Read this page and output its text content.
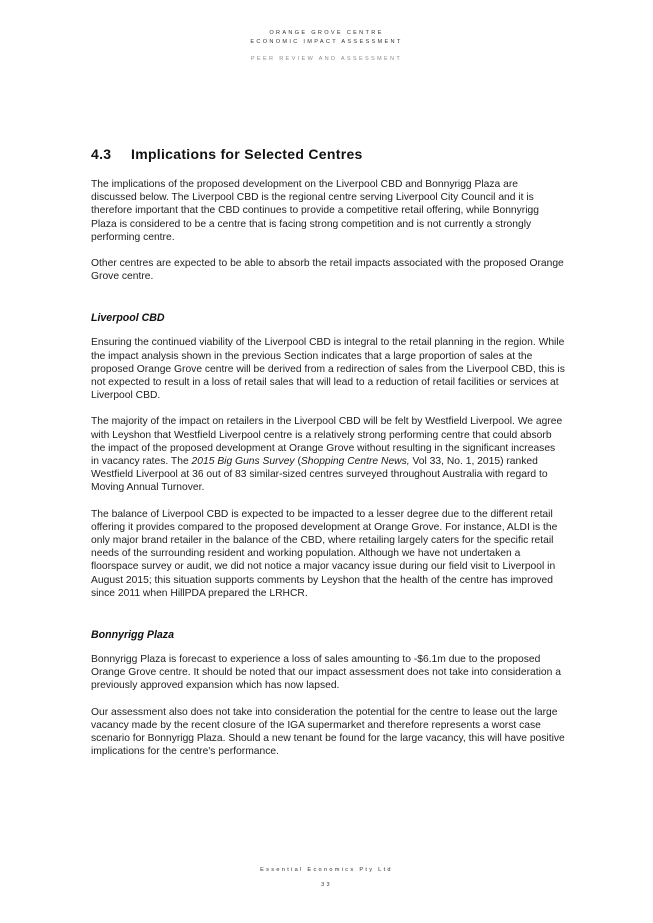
ORANGE GROVE CENTRE
ECONOMIC IMPACT ASSESSMENT
PEER REVIEW AND ASSESSMENT
4.3 Implications for Selected Centres

The implications of the proposed development on the Liverpool CBD and Bonnyrigg Plaza are discussed below. The Liverpool CBD is the regional centre serving Liverpool City Council and it is therefore important that the CBD continues to provide a competitive retail offering, while Bonnyrigg Plaza is considered to be a centre that is facing strong competition and is not currently a strongly performing centre.

Other centres are expected to be able to absorb the retail impacts associated with the proposed Orange Grove centre.

Liverpool CBD

Ensuring the continued viability of the Liverpool CBD is integral to the retail planning in the region. While the impact analysis shown in the previous Section indicates that a large proportion of sales at the proposed Orange Grove centre will be derived from a redirection of sales from the Liverpool CBD, this is not expected to result in a loss of retail sales that will lead to a reduction of retail facilities or services at Liverpool CBD.

The majority of the impact on retailers in the Liverpool CBD will be felt by Westfield Liverpool. We agree with Leyshon that Westfield Liverpool centre is a relatively strong performing centre that could absorb the impact of the proposed development at Orange Grove without resulting in the significant increases in vacancy rates. The 2015 Big Guns Survey (Shopping Centre News, Vol 33, No. 1, 2015) ranked Westfield Liverpool at 36 out of 83 similar-sized centres surveyed throughout Australia with regard to Moving Annual Turnover.

The balance of Liverpool CBD is expected to be impacted to a lesser degree due to the different retail offering it provides compared to the proposed development at Orange Grove. For instance, ALDI is the only major brand retailer in the balance of the CBD, where retailing largely caters for the specific retail needs of the surrounding resident and working population. Although we have not undertaken a floorspace survey or audit, we did not notice a major vacancy issue during our field visit to Liverpool in August 2015; this situation supports comments by Leyshon that the health of the centre has improved since 2011 when HillPDA prepared the LRHCR.

Bonnyrigg Plaza

Bonnyrigg Plaza is forecast to experience a loss of sales amounting to -$6.1m due to the proposed Orange Grove centre. It should be noted that our impact assessment does not take into consideration a previously approved expansion which has now lapsed.

Our assessment also does not take into consideration the potential for the centre to lease out the large vacancy made by the recent closure of the IGA supermarket and therefore represents a worst case scenario for Bonnyrigg Plaza. Should a new tenant be found for the large vacancy, this will have positive implications for the centre's performance.

Essential Economics Pty Ltd
33
